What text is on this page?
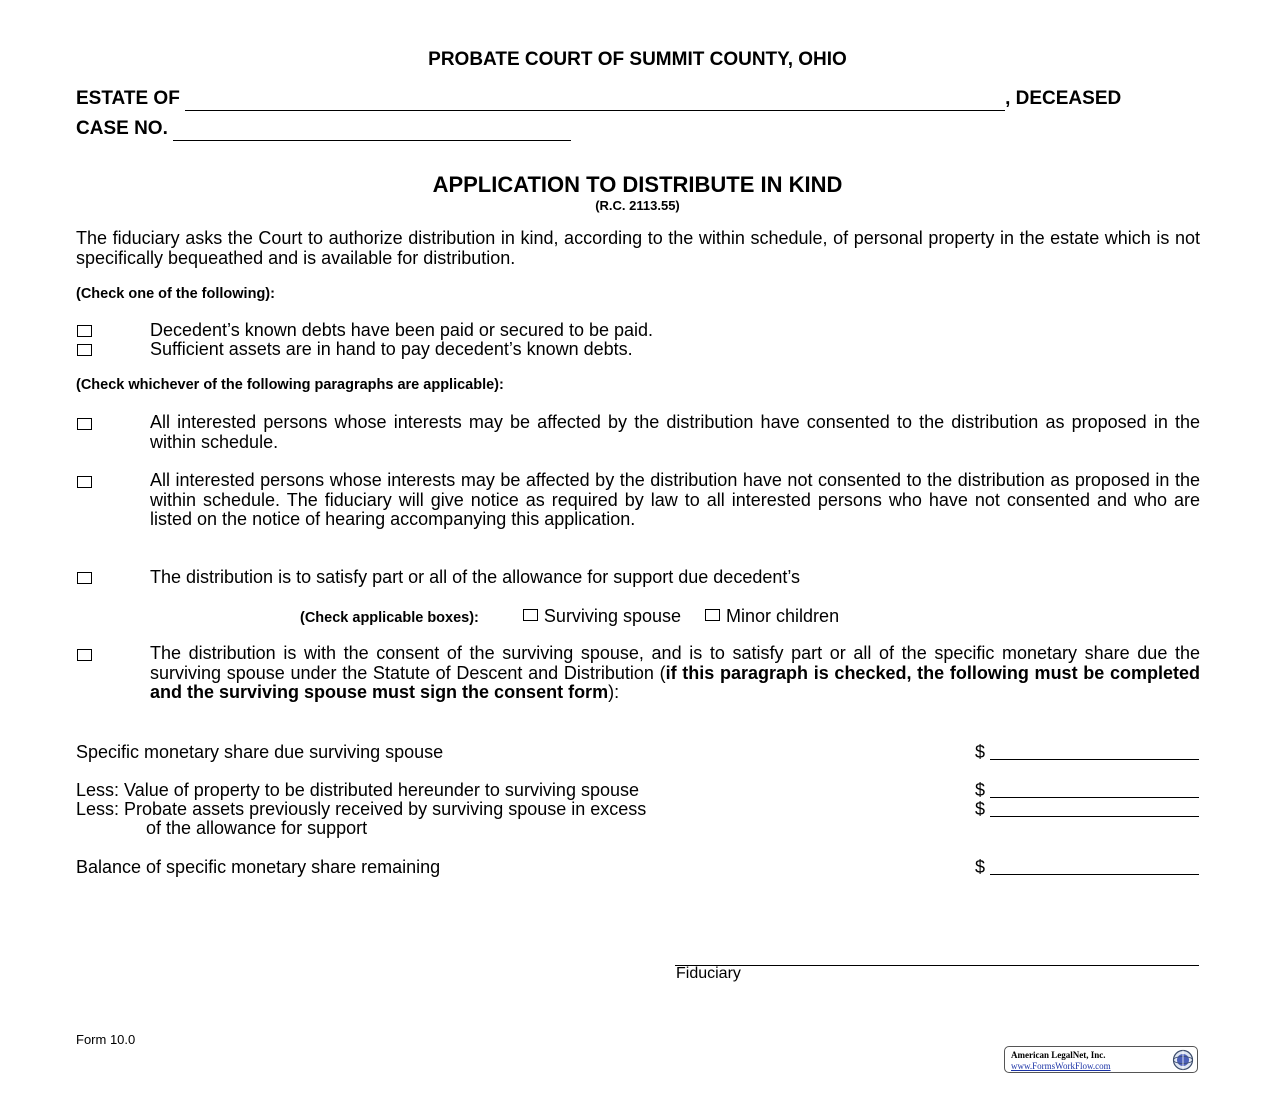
PROBATE COURT OF SUMMIT COUNTY, OHIO
ESTATE OF	, DECEASED
CASE NO.
APPLICATION TO DISTRIBUTE IN KIND
(R.C. 2113.55)
The fiduciary asks the Court to authorize distribution in kind, according to the within schedule, of personal property in the estate which is not specifically bequeathed and is available for distribution.
(Check one of the following):
Decedent’s known debts have been paid or secured to be paid.
Sufficient assets are in hand to pay decedent’s known debts.
(Check whichever of the following paragraphs are applicable):
All interested persons whose interests may be affected by the distribution have consented to the distribution as proposed in the within schedule.
All interested persons whose interests may be affected by the distribution have not consented to the distribution as proposed in the within schedule. The fiduciary will give notice as required by law to all interested persons who have not consented and who are listed on the notice of hearing accompanying this application.
The distribution is to satisfy part or all of the allowance for support due decedent’s
(Check applicable boxes):	Surviving spouse	Minor children
The distribution is with the consent of the surviving spouse, and is to satisfy part or all of the specific monetary share due the surviving spouse under the Statute of Descent and Distribution (if this paragraph is checked, the following must be completed and the surviving spouse must sign the consent form):
Specific monetary share due surviving spouse	$
Less: Value of property to be distributed hereunder to surviving spouse	$
Less: Probate assets previously received by surviving spouse in excess	$
of the allowance for support
Balance of specific monetary share remaining	$
Fiduciary
Form 10.0
American LegalNet, Inc.
www.FormsWorkFlow.com
